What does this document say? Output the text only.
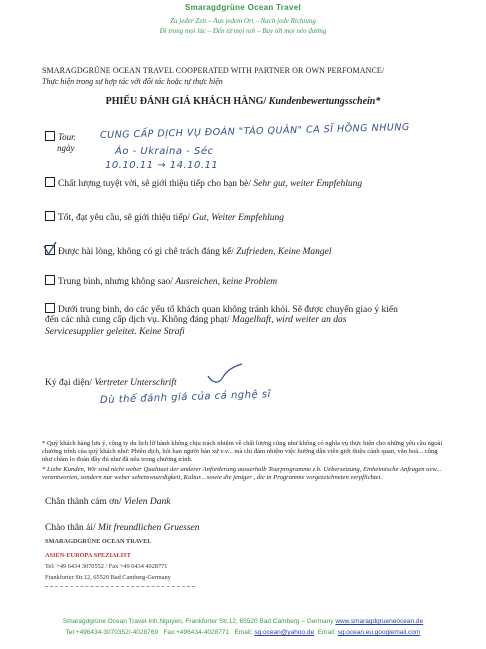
Smaragdgrüne Ocean Travel
Zu jeder Zeit – Aus jedem Ort – Nach jede Richtung
Đi trong mọi lúc – Đến từ mọi nơi – Bay tới mọi nẻo đường
SMARAGDGRÜNE OCEAN TRAVEL COOPERATED WITH PARTNER OR OWN PERFOMANCE/
Thực hiện trong sự hợp tác với đối tác hoặc tự thực hiện
PHIẾU ĐÁNH GIÁ KHÁCH HÀNG/ Kundenbewertungsschein*
Tour.
ngày
CUNG CẤP DỊCH VỤ ĐOÀN "TÁO QUÂN" CA SĨ HỒNG NHUNG
Áo - Ukraina - Séc
10.10.11 → 14.10.11
Chất lượng tuyệt vời, sẽ giới thiệu tiếp cho bạn bè/ Sehr gut, weiter Empfehlung
Tốt, đạt yêu cầu, sẽ giới thiệu tiếp/ Gut, Weiter Empfehlung
Được hài lòng, không có gì chê trách đáng kể/ Zufrieden, Keine Mangel
Trung bình, nhưng không sao/ Ausreichen, keine Problem
Dưới trung bình, do các yếu tố khách quan không tránh khỏi. Sẽ được chuyển giao ý kiến
đến các nhà cung cấp dịch vụ. Không đáng phạt/ Magelhaft, wird weiter an das
Servicesupplier geleitet. Keine Strafi
Ký đại diện/ Vertreter Unterschrift
Dù thế đánh giá của cả nghệ sĩ
* Quý khách hàng lưu ý, công ty du lịch lữ hành không chịu trách nhiệm về chất lượng cũng như không có nghĩa vụ thực hiện cho những yêu cầu ngoài chương trình của quý khách như: Phiên dịch, hỏi han người bản xứ v.v... mà chỉ đảm nhiệm việc hướng dẫn viên giới thiệu cảnh quan, văn hoá... cũng như chăm lo đoàn đầy đủ như đã nêu trong chương trình.
* Liebe Kunden, Wir sind nicht weber Qualitaet der anderer Anforderung ausserhalb Tourprogramme z.b. Uebersetzung, Einheimische Anfragen uvw... verantworten, sondern nur weber sehenswuerdigkeit, Kultur... sowie die jeniger , die in Programme vorgezeichneten verpflichtet.
Chân thành cám ơn/ Vielen Dank
Chào thân ái/ Mit freundlichen Gruessen
SMARAGDGRÜNE OCEAN TRAVEL
ASIEN-EUROPA SPEZIALIST
Tel: +49 6434 3070552 / Fax +49 6434 4028771
Frankfurter Str.12, 65520 Bad Camberg-Germany
Smaragdgrüne Ocean Travel-Inh.Nguyen, Frankfurter Str.12, 65520 Bad Camberg – Germany www.smaragdgrueneocean.de
Tel:+496434-3070352/-4028769 Fax:+496434-4028771 Email: sg.ocean@yahoo.de Email: sg.ocean.eu.googlemail.com
